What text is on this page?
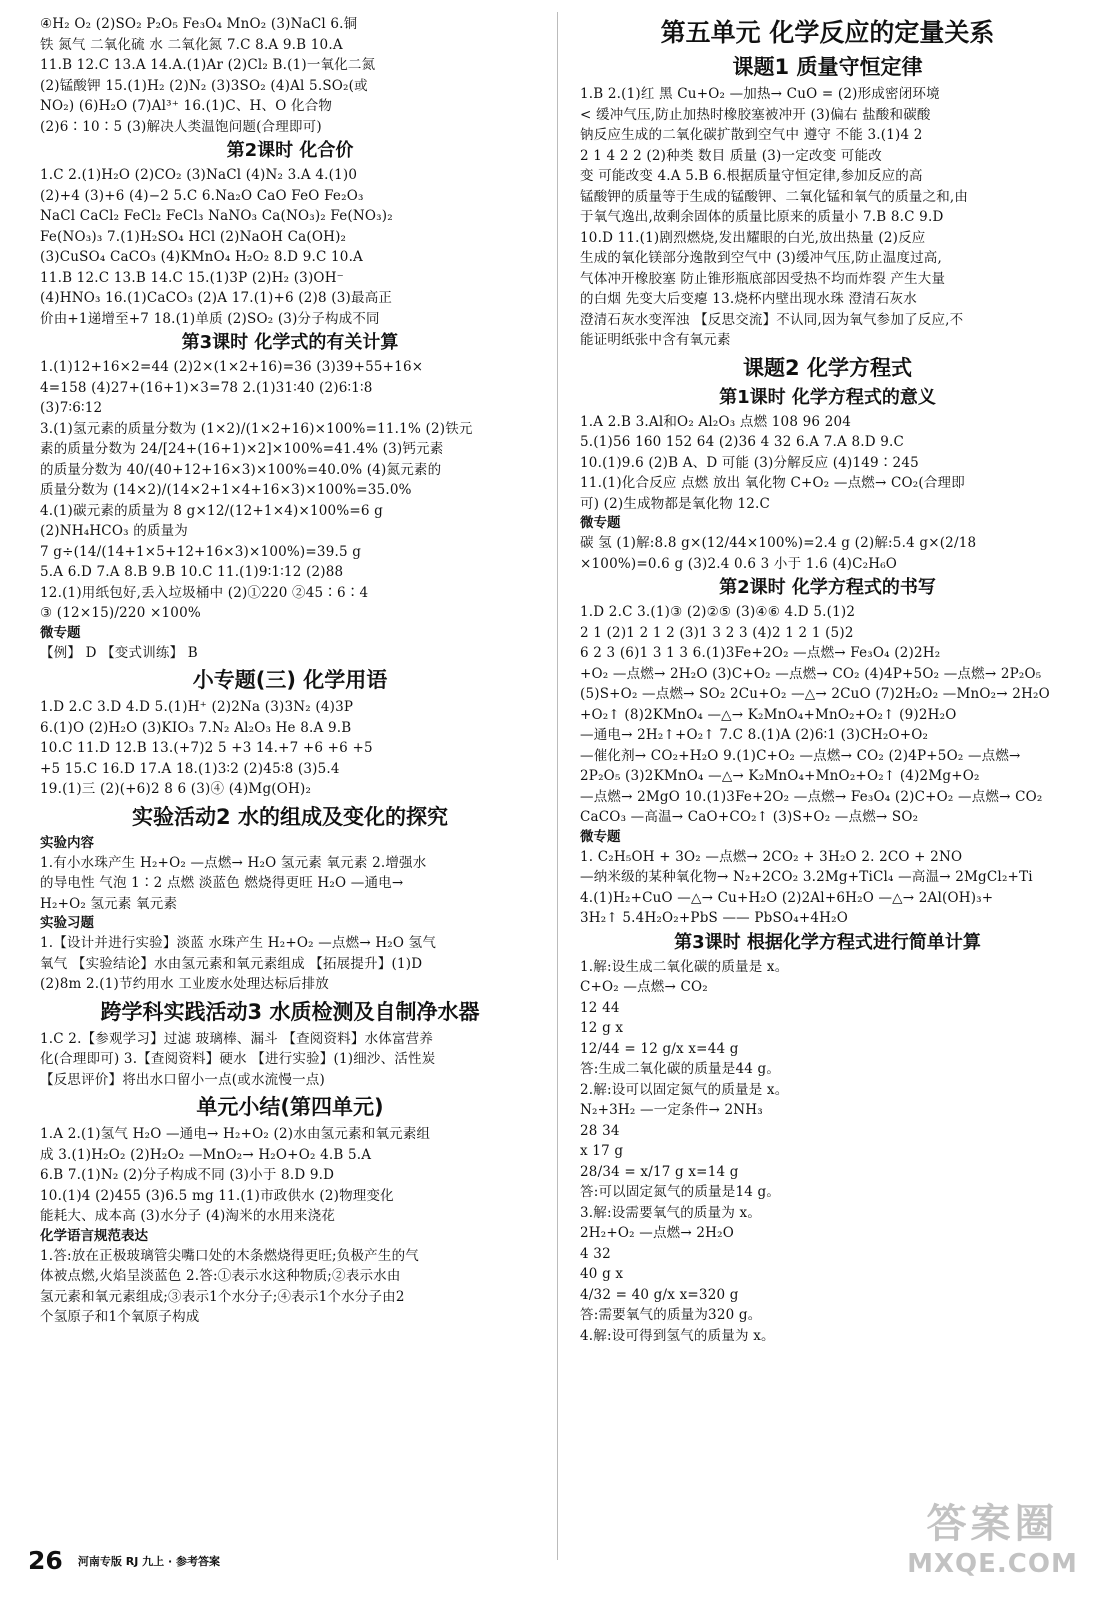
④H₂ O₂ (2)SO₂ P₂O₅ Fe₃O₄ MnO₂ (3)NaCl 6.铜
铁 氮气 二氧化硫 水 二氧化氮 7.C 8.A 9.B 10.A
11.B 12.C 13.A 14.A.(1)Ar (2)Cl₂ B.(1)一氧化二氮
(2)锰酸钾 15.(1)H₂ (2)N₂ (3)3SO₂ (4)Al 5.SO₂(或
NO₂) (6)H₂O (7)Al³⁺ 16.(1)C、H、O 化合物
(2)6∶10∶5 (3)解决人类温饱问题(合理即可)
第2课时 化合价
1.C 2.(1)H₂O (2)CO₂ (3)NaCl (4)N₂ 3.A 4.(1)0
(2)+4 (3)+6 (4)−2 5.C 6.Na₂O CaO FeO Fe₂O₃
NaCl CaCl₂ FeCl₂ FeCl₃ NaNO₃ Ca(NO₃)₂ Fe(NO₃)₂
Fe(NO₃)₃ 7.(1)H₂SO₄ HCl (2)NaOH Ca(OH)₂
(3)CuSO₄ CaCO₃ (4)KMnO₄ H₂O₂ 8.D 9.C 10.A
11.B 12.C 13.B 14.C 15.(1)3P (2)H₂ (3)OH⁻
(4)HNO₃ 16.(1)CaCO₃ (2)A 17.(1)+6 (2)8 (3)最高正
价由+1递增至+7 18.(1)单质 (2)SO₂ (3)分子构成不同
第3课时 化学式的有关计算
1.(1)12+16×2=44 (2)2×(1×2+16)=36 (3)39+55+16×
4=158 (4)27+(16+1)×3=78 2.(1)31∶40 (2)6∶1∶8
(3)7∶6∶12
3.(1)氢元素的质量分数为 (1×2)/(1×2+16)×100%=11.1% (2)铁元
素的质量分数为 24/[24+(16+1)×2]×100%=41.4% (3)钙元素
的质量分数为 40/(40+12+16×3)×100%=40.0% (4)氮元素的
质量分数为 (14×2)/(14×2+1×4+16×3)×100%=35.0%
4.(1)碳元素的质量为 8 g×12/(12+1×4)×100%=6 g
(2)NH₄HCO₃ 的质量为
7 g÷(14/(14+1×5+12+16×3)×100%)=39.5 g
5.A 6.D 7.A 8.B 9.B 10.C 11.(1)9∶1∶12 (2)88
12.(1)用纸包好,丢入垃圾桶中 (2)①220 ②45∶6∶4
③ (12×15)/220 ×100%
微专题
【例】 D 【变式训练】 B
小专题(三) 化学用语
1.D 2.C 3.D 4.D 5.(1)H⁺ (2)2Na (3)3N₂ (4)3P
6.(1)O (2)H₂O (3)KIO₃ 7.N₂ Al₂O₃ He 8.A 9.B
10.C 11.D 12.B 13.(+7)2 5 +3 14.+7 +6 +6 +5
+5 15.C 16.D 17.A 18.(1)3∶2 (2)45∶8 (3)5.4
19.(1)三 (2)(+6)2 8 6 (3)④ (4)Mg(OH)₂
实验活动2 水的组成及变化的探究
实验内容
1.有小水珠产生 H₂+O₂ —点燃→ H₂O 氢元素 氧元素 2.增强水
的导电性 气泡 1∶2 点燃 淡蓝色 燃烧得更旺 H₂O —通电→
H₂+O₂ 氢元素 氧元素
实验习题
1.【设计并进行实验】淡蓝 水珠产生 H₂+O₂ —点燃→ H₂O 氢气
氧气 【实验结论】水由氢元素和氧元素组成 【拓展提升】(1)D
(2)8m 2.(1)节约用水 工业废水处理达标后排放
跨学科实践活动3 水质检测及自制净水器
1.C 2.【参观学习】过滤 玻璃棒、漏斗 【查阅资料】水体富营养
化(合理即可) 3.【查阅资料】硬水 【进行实验】(1)细沙、活性炭
【反思评价】将出水口留小一点(或水流慢一点)
单元小结(第四单元)
1.A 2.(1)氢气 H₂O —通电→ H₂+O₂ (2)水由氢元素和氧元素组
成 3.(1)H₂O₂ (2)H₂O₂ —MnO₂→ H₂O+O₂ 4.B 5.A
6.B 7.(1)N₂ (2)分子构成不同 (3)小于 8.D 9.D
10.(1)4 (2)455 (3)6.5 mg 11.(1)市政供水 (2)物理变化
能耗大、成本高 (3)水分子 (4)淘米的水用来浇花
化学语言规范表达
1.答:放在正极玻璃管尖嘴口处的木条燃烧得更旺;负极产生的气
体被点燃,火焰呈淡蓝色 2.答:①表示水这种物质;②表示水由
氢元素和氧元素组成;③表示1个水分子;④表示1个水分子由2
个氢原子和1个氧原子构成
第五单元 化学反应的定量关系
课题1 质量守恒定律
1.B 2.(1)红 黑 Cu+O₂ —加热→ CuO = (2)形成密闭环境
< 缓冲气压,防止加热时橡胶塞被冲开 (3)偏右 盐酸和碳酸
钠反应生成的二氧化碳扩散到空气中 遵守 不能 3.(1)4 2
2 1 4 2 2 (2)种类 数目 质量 (3)一定改变 可能改
变 可能改变 4.A 5.B 6.根据质量守恒定律,参加反应的高
锰酸钾的质量等于生成的锰酸钾、二氧化锰和氧气的质量之和,由
于氧气逸出,故剩余固体的质量比原来的质量小 7.B 8.C 9.D
10.D 11.(1)剧烈燃烧,发出耀眼的白光,放出热量 (2)反应
生成的氧化镁部分逸散到空气中 (3)缓冲气压,防止温度过高,
气体冲开橡胶塞 防止锥形瓶底部因受热不均而炸裂 产生大量
的白烟 先变大后变瘪 13.烧杯内壁出现水珠 澄清石灰水
澄清石灰水变浑浊 【反思交流】不认同,因为氧气参加了反应,不
能证明纸张中含有氧元素
课题2 化学方程式
第1课时 化学方程式的意义
1.A 2.B 3.Al和O₂ Al₂O₃ 点燃 108 96 204
5.(1)56 160 152 64 (2)36 4 32 6.A 7.A 8.D 9.C
10.(1)9.6 (2)B A、D 可能 (3)分解反应 (4)149∶245
11.(1)化合反应 点燃 放出 氧化物 C+O₂ —点燃→ CO₂(合理即
可) (2)生成物都是氧化物 12.C
微专题
碳 氢 (1)解:8.8 g×(12/44×100%)=2.4 g (2)解:5.4 g×(2/18
×100%)=0.6 g (3)2.4 0.6 3 小于 1.6 (4)C₂H₆O
第2课时 化学方程式的书写
1.D 2.C 3.(1)③ (2)②⑤ (3)④⑥ 4.D 5.(1)2
2 1 (2)1 2 1 2 (3)1 3 2 3 (4)2 1 2 1 (5)2
6 2 3 (6)1 3 1 3 6.(1)3Fe+2O₂ —点燃→ Fe₃O₄ (2)2H₂
+O₂ —点燃→ 2H₂O (3)C+O₂ —点燃→ CO₂ (4)4P+5O₂ —点燃→ 2P₂O₅
(5)S+O₂ —点燃→ SO₂ 2Cu+O₂ —△→ 2CuO (7)2H₂O₂ —MnO₂→ 2H₂O
+O₂↑ (8)2KMnO₄ —△→ K₂MnO₄+MnO₂+O₂↑ (9)2H₂O
—通电→ 2H₂↑+O₂↑ 7.C 8.(1)A (2)6∶1 (3)CH₂O+O₂
—催化剂→ CO₂+H₂O 9.(1)C+O₂ —点燃→ CO₂ (2)4P+5O₂ —点燃→
2P₂O₅ (3)2KMnO₄ —△→ K₂MnO₄+MnO₂+O₂↑ (4)2Mg+O₂
—点燃→ 2MgO 10.(1)3Fe+2O₂ —点燃→ Fe₃O₄ (2)C+O₂ —点燃→ CO₂
CaCO₃ —高温→ CaO+CO₂↑ (3)S+O₂ —点燃→ SO₂
微专题
1. C₂H₅OH + 3O₂ —点燃→ 2CO₂ + 3H₂O 2. 2CO + 2NO
—纳米级的某种氧化物→ N₂+2CO₂ 3.2Mg+TiCl₄ —高温→ 2MgCl₂+Ti
4.(1)H₂+CuO —△→ Cu+H₂O (2)2Al+6H₂O —△→ 2Al(OH)₃+
3H₂↑ 5.4H₂O₂+PbS —— PbSO₄+4H₂O
第3课时 根据化学方程式进行简单计算
1.解:设生成二氧化碳的质量是 x。
C+O₂ —点燃→ CO₂
12 44
12 g x
12/44 = 12 g/x x=44 g
答:生成二氧化碳的质量是44 g。
2.解:设可以固定氮气的质量是 x。
N₂+3H₂ —一定条件→ 2NH₃
28 34
x 17 g
28/34 = x/17 g x=14 g
答:可以固定氮气的质量是14 g。
3.解:设需要氧气的质量为 x。
2H₂+O₂ —点燃→ 2H₂O
4 32
40 g x
4/32 = 40 g/x x=320 g
答:需要氧气的质量为320 g。
4.解:设可得到氢气的质量为 x。
26 河南专版 RJ 九上 · 参考答案
答案圈
MXQE.COM
